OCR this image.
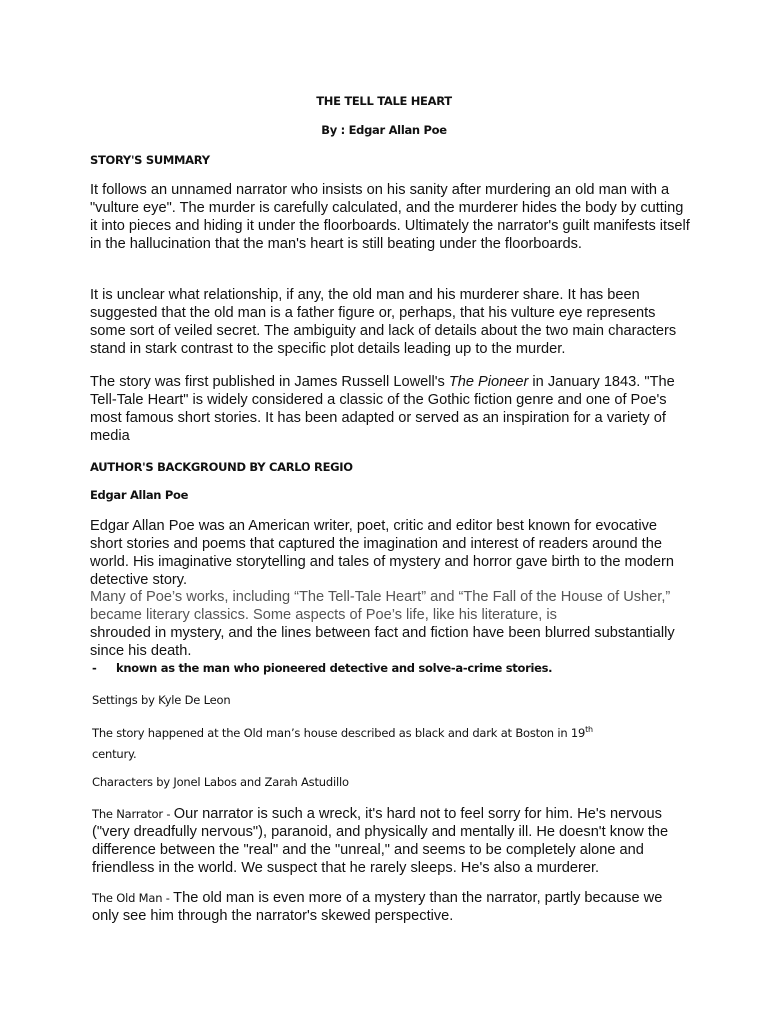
THE TELL TALE HEART
By : Edgar Allan Poe
STORY'S SUMMARY

It follows an unnamed narrator who insists on his sanity after murdering an old man with a "vulture eye". The murder is carefully calculated, and the murderer hides the body by cutting it into pieces and hiding it under the floorboards. Ultimately the narrator's guilt manifests itself in the hallucination that the man's heart is still beating under the floorboards.

It is unclear what relationship, if any, the old man and his murderer share. It has been suggested that the old man is a father figure or, perhaps, that his vulture eye represents some sort of veiled secret. The ambiguity and lack of details about the two main characters stand in stark contrast to the specific plot details leading up to the murder.

The story was first published in James Russell Lowell's The Pioneer in January 1843. "The Tell-Tale Heart" is widely considered a classic of the Gothic fiction genre and one of Poe's most famous short stories. It has been adapted or served as an inspiration for a variety of media

AUTHOR'S BACKGROUND BY CARLO REGIO
Edgar Allan Poe

Edgar Allan Poe was an American writer, poet, critic and editor best known for evocative short stories and poems that captured the imagination and interest of readers around the world. His imaginative storytelling and tales of mystery and horror gave birth to the modern detective story.

Many of Poe’s works, including “The Tell-Tale Heart” and “The Fall of the House of Usher,” became literary classics. Some aspects of Poe’s life, like his literature, is

shrouded in mystery, and the lines between fact and fiction have been blurred substantially since his death.

- known as the man who pioneered detective and solve-a-crime stories.
Settings by Kyle De Leon

The story happened at the Old man’s house described as black and dark at Boston in 19th
century.

Characters by Jonel Labos and Zarah Astudillo

The Narrator - Our narrator is such a wreck, it's hard not to feel sorry for him. He's nervous ("very dreadfully nervous"), paranoid, and physically and mentally ill. He doesn't know the difference between the "real" and the "unreal," and seems to be completely alone and friendless in the world. We suspect that he rarely sleeps. He's also a murderer.

The Old Man - The old man is even more of a mystery than the narrator, partly because we only see him through the narrator's skewed perspective.
